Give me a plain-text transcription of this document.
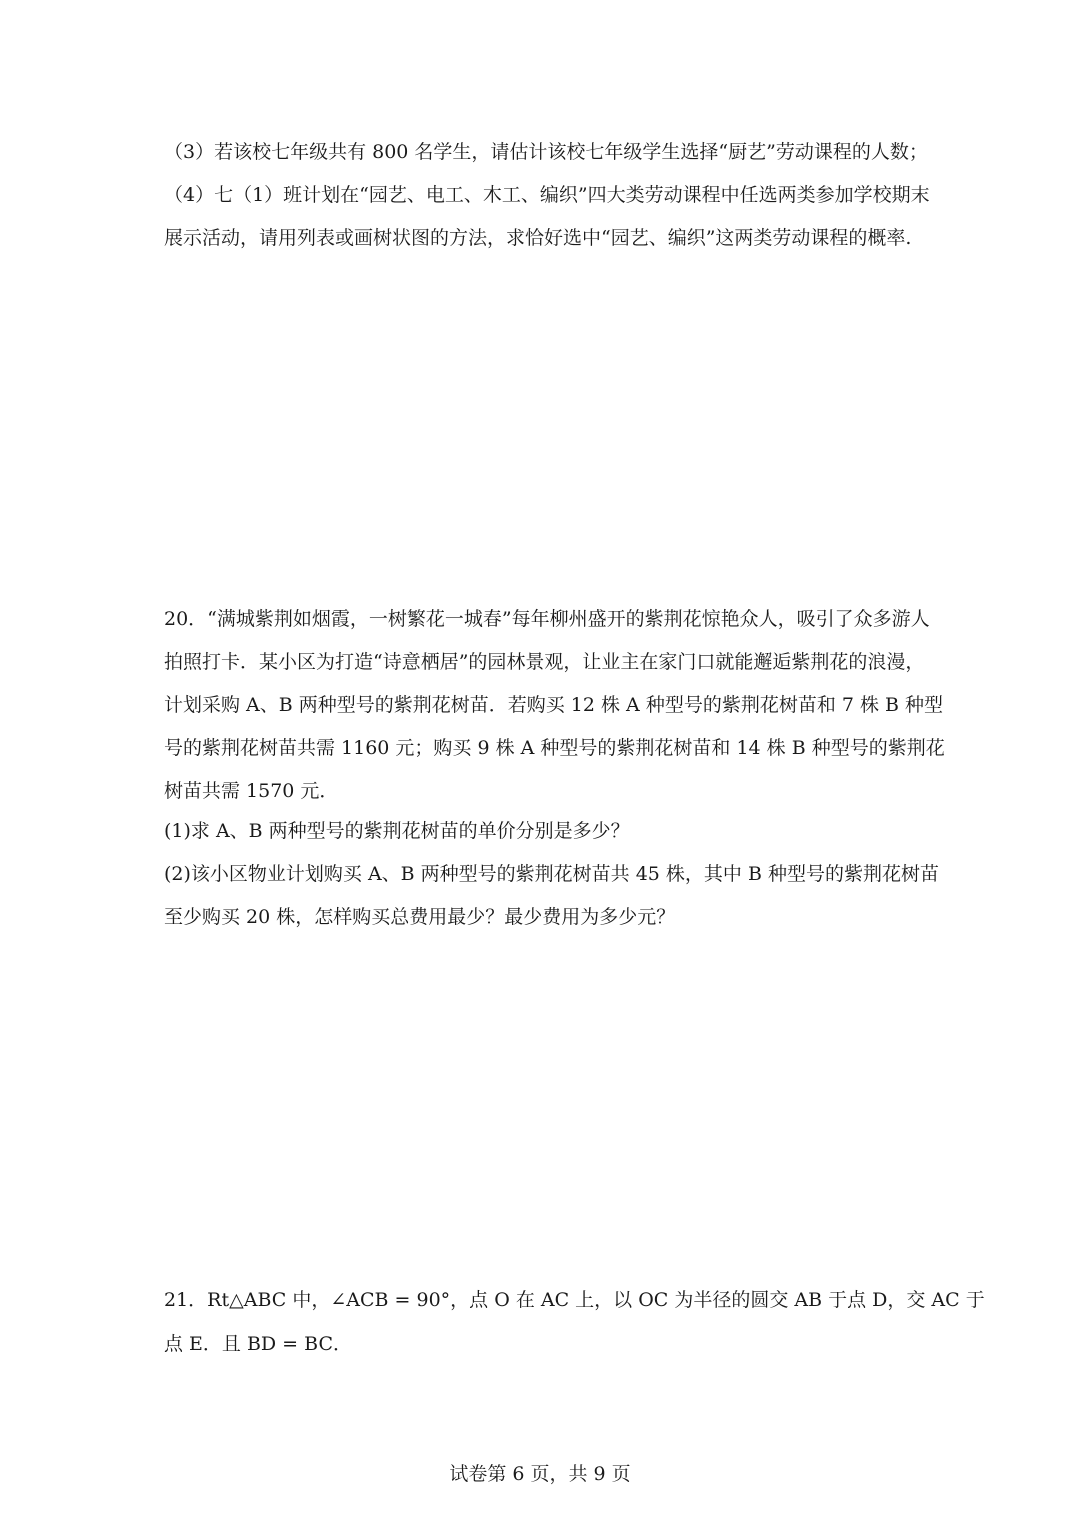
（3）若该校七年级共有 800 名学生，请估计该校七年级学生选择“厨艺”劳动课程的人数；

（4）七（1）班计划在“园艺、电工、木工、编织”四大类劳动课程中任选两类参加学校期末

展示活动，请用列表或画树状图的方法，求恰好选中“园艺、编织”这两类劳动课程的概率.

20．“满城紫荆如烟霞，一树繁花一城春”每年柳州盛开的紫荆花惊艳众人，吸引了众多游人

拍照打卡．某小区为打造“诗意栖居”的园林景观，让业主在家门口就能邂逅紫荆花的浪漫，

计划采购 A、B 两种型号的紫荆花树苗．若购买 12 株 A 种型号的紫荆花树苗和 7 株 B 种型

号的紫荆花树苗共需 1160 元；购买 9 株 A 种型号的紫荆花树苗和 14 株 B 种型号的紫荆花

树苗共需 1570 元．

(1)求 A、B 两种型号的紫荆花树苗的单价分别是多少？

(2)该小区物业计划购买 A、B 两种型号的紫荆花树苗共 45 株，其中 B 种型号的紫荆花树苗

至少购买 20 株，怎样购买总费用最少？最少费用为多少元？

21．Rt△ABC 中，∠ACB = 90°，点 O 在 AC 上，以 OC 为半径的圆交 AB 于点 D，交 AC 于

点 E．且 BD = BC．

试卷第 6 页，共 9 页
